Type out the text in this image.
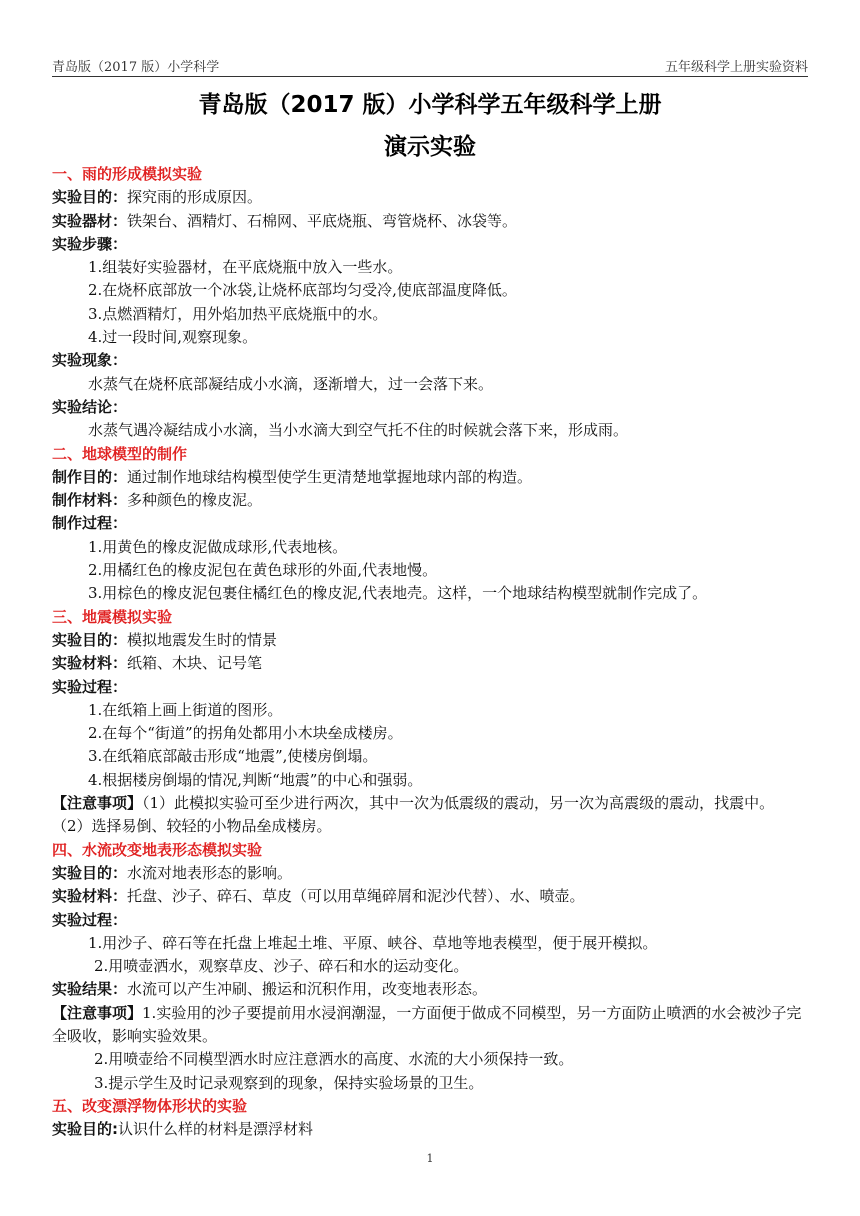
青岛版（2017 版）小学科学	五年级科学上册实验资料
青岛版（2017 版）小学科学五年级科学上册
演示实验
一、雨的形成模拟实验
实验目的：探究雨的形成原因。
实验器材：铁架台、酒精灯、石棉网、平底烧瓶、弯管烧杯、冰袋等。
实验步骤：
1.组装好实验器材，在平底烧瓶中放入一些水。
2.在烧杯底部放一个冰袋,让烧杯底部均匀受冷,使底部温度降低。
3.点燃酒精灯，用外焰加热平底烧瓶中的水。
4.过一段时间,观察现象。
实验现象：
水蒸气在烧杯底部凝结成小水滴，逐渐增大，过一会落下来。
实验结论：
水蒸气遇冷凝结成小水滴，当小水滴大到空气托不住的时候就会落下来，形成雨。
二、地球模型的制作
制作目的：通过制作地球结构模型使学生更清楚地掌握地球内部的构造。
制作材料：多种颜色的橡皮泥。
制作过程：
1.用黄色的橡皮泥做成球形,代表地核。
2.用橘红色的橡皮泥包在黄色球形的外面,代表地慢。
3.用棕色的橡皮泥包裹住橘红色的橡皮泥,代表地壳。这样，一个地球结构模型就制作完成了。
三、地震模拟实验
实验目的：模拟地震发生时的情景
实验材料：纸箱、木块、记号笔
实验过程：
1.在纸箱上画上街道的图形。
2.在每个“街道”的拐角处都用小木块垒成楼房。
3.在纸箱底部敲击形成“地震”,使楼房倒塌。
4.根据楼房倒塌的情况,判断“地震”的中心和强弱。
【注意事项】（1）此模拟实验可至少进行两次，其中一次为低震级的震动，另一次为高震级的震动，找震中。
（2）选择易倒、较轻的小物品垒成楼房。
四、水流改变地表形态模拟实验
实验目的：水流对地表形态的影响。
实验材料：托盘、沙子、碎石、草皮（可以用草绳碎屑和泥沙代替）、水、喷壶。
实验过程：
1.用沙子、碎石等在托盘上堆起土堆、平原、峡谷、草地等地表模型，便于展开模拟。
2.用喷壶洒水，观察草皮、沙子、碎石和水的运动变化。
实验结果：水流可以产生冲刷、搬运和沉积作用，改变地表形态。
【注意事项】1.实验用的沙子要提前用水浸润潮湿，一方面便于做成不同模型，另一方面防止喷洒的水会被沙子完全吸收，影响实验效果。
2.用喷壶给不同模型洒水时应注意洒水的高度、水流的大小须保持一致。
3.提示学生及时记录观察到的现象，保持实验场景的卫生。
五、改变漂浮物体形状的实验
实验目的:认识什么样的材料是漂浮材料
1
